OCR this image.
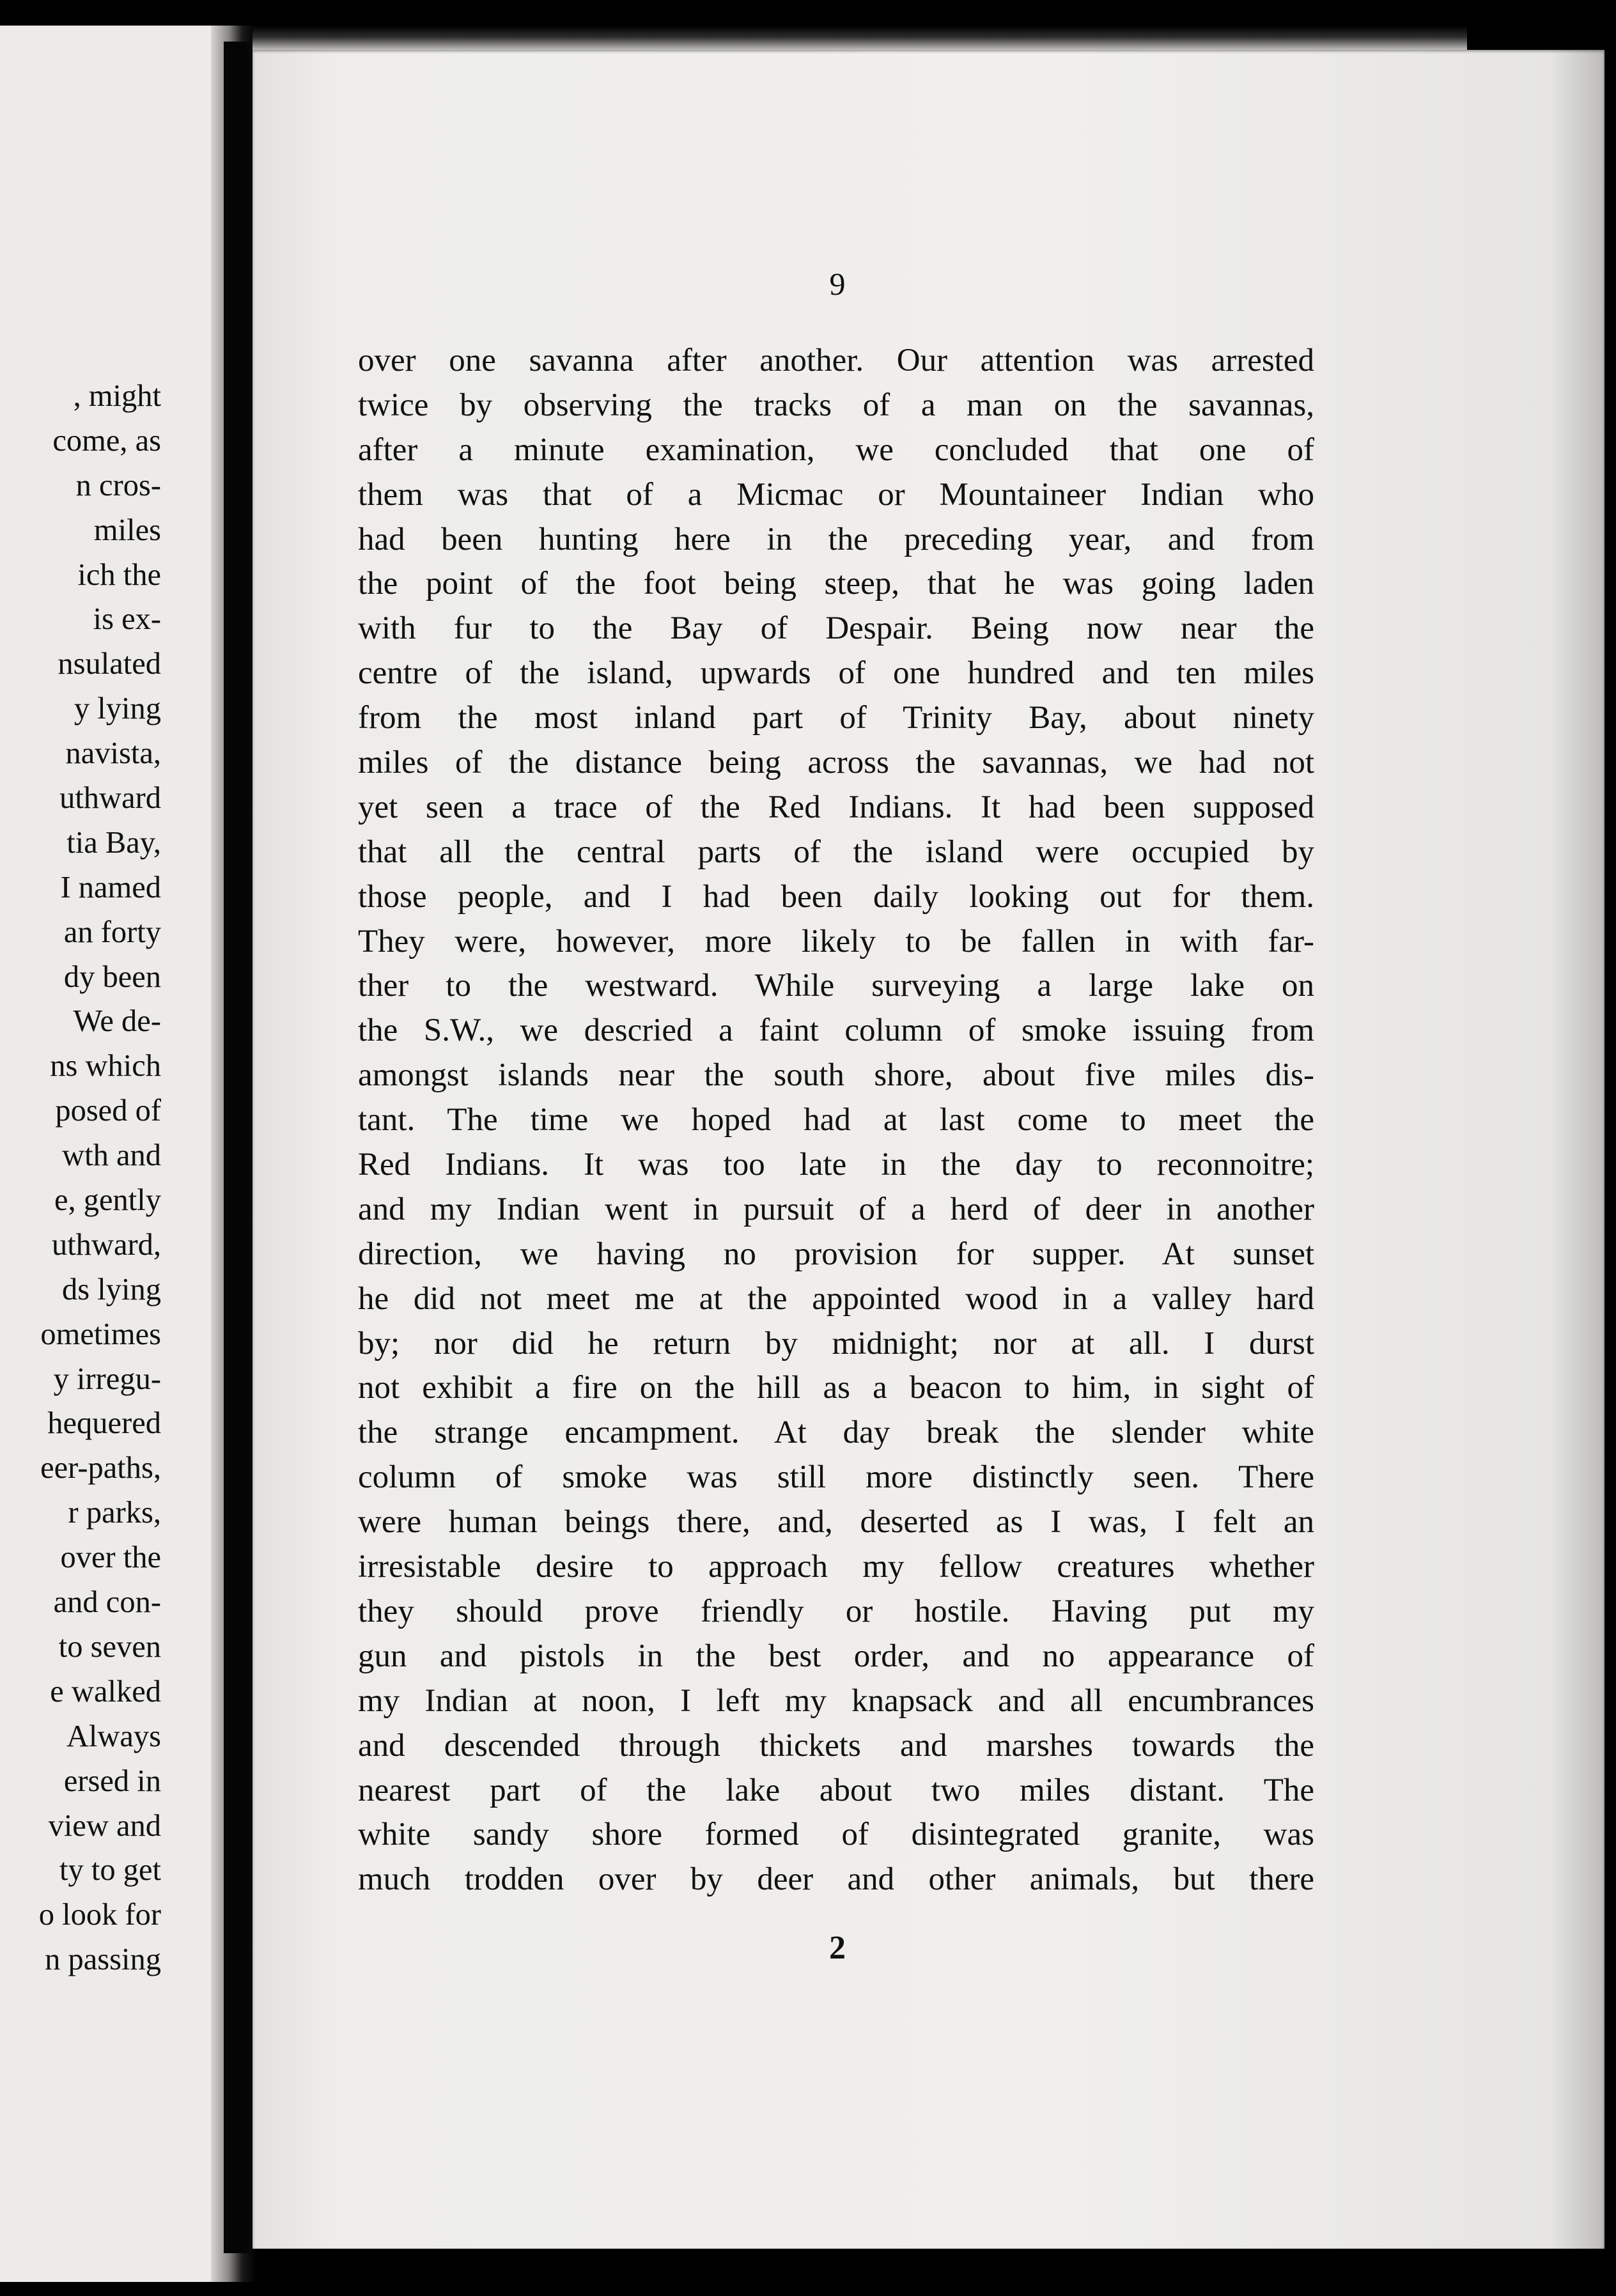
, might
come, as
n cros-
miles
ich the
is ex-
nsulated
y lying
navista,
uthward
tia Bay,
I named
an forty
dy been
We de-
ns which
posed of
wth and
e, gently
uthward,
ds lying
ometimes
y irregu-
hequered
eer-paths,
r parks,
over the
and con-
to seven
e walked
Always
ersed in
view and
ty to get
o look for
n passing
9
over one savanna after another. Our attention was arrested
twice by observing the tracks of a man on the savannas,
after a minute examination, we concluded that one of
them was that of a Micmac or Mountaineer Indian who
had been hunting here in the preceding year, and from
the point of the foot being steep, that he was going laden
with fur to the Bay of Despair. Being now near the
centre of the island, upwards of one hundred and ten miles
from the most inland part of Trinity Bay, about ninety
miles of the distance being across the savannas, we had not
yet seen a trace of the Red Indians. It had been supposed
that all the central parts of the island were occupied by
those people, and I had been daily looking out for them.
They were, however, more likely to be fallen in with far-
ther to the westward. While surveying a large lake on
the S.W., we descried a faint column of smoke issuing from
amongst islands near the south shore, about five miles dis-
tant. The time we hoped had at last come to meet the
Red Indians. It was too late in the day to reconnoitre;
and my Indian went in pursuit of a herd of deer in another
direction, we having no provision for supper. At sunset
he did not meet me at the appointed wood in a valley hard
by; nor did he return by midnight; nor at all. I durst
not exhibit a fire on the hill as a beacon to him, in sight of
the strange encampment. At day break the slender white
column of smoke was still more distinctly seen. There
were human beings there, and, deserted as I was, I felt an
irresistable desire to approach my fellow creatures whether
they should prove friendly or hostile. Having put my
gun and pistols in the best order, and no appearance of
my Indian at noon, I left my knapsack and all encumbrances
and descended through thickets and marshes towards the
nearest part of the lake about two miles distant. The
white sandy shore formed of disintegrated granite, was
much trodden over by deer and other animals, but there
2
